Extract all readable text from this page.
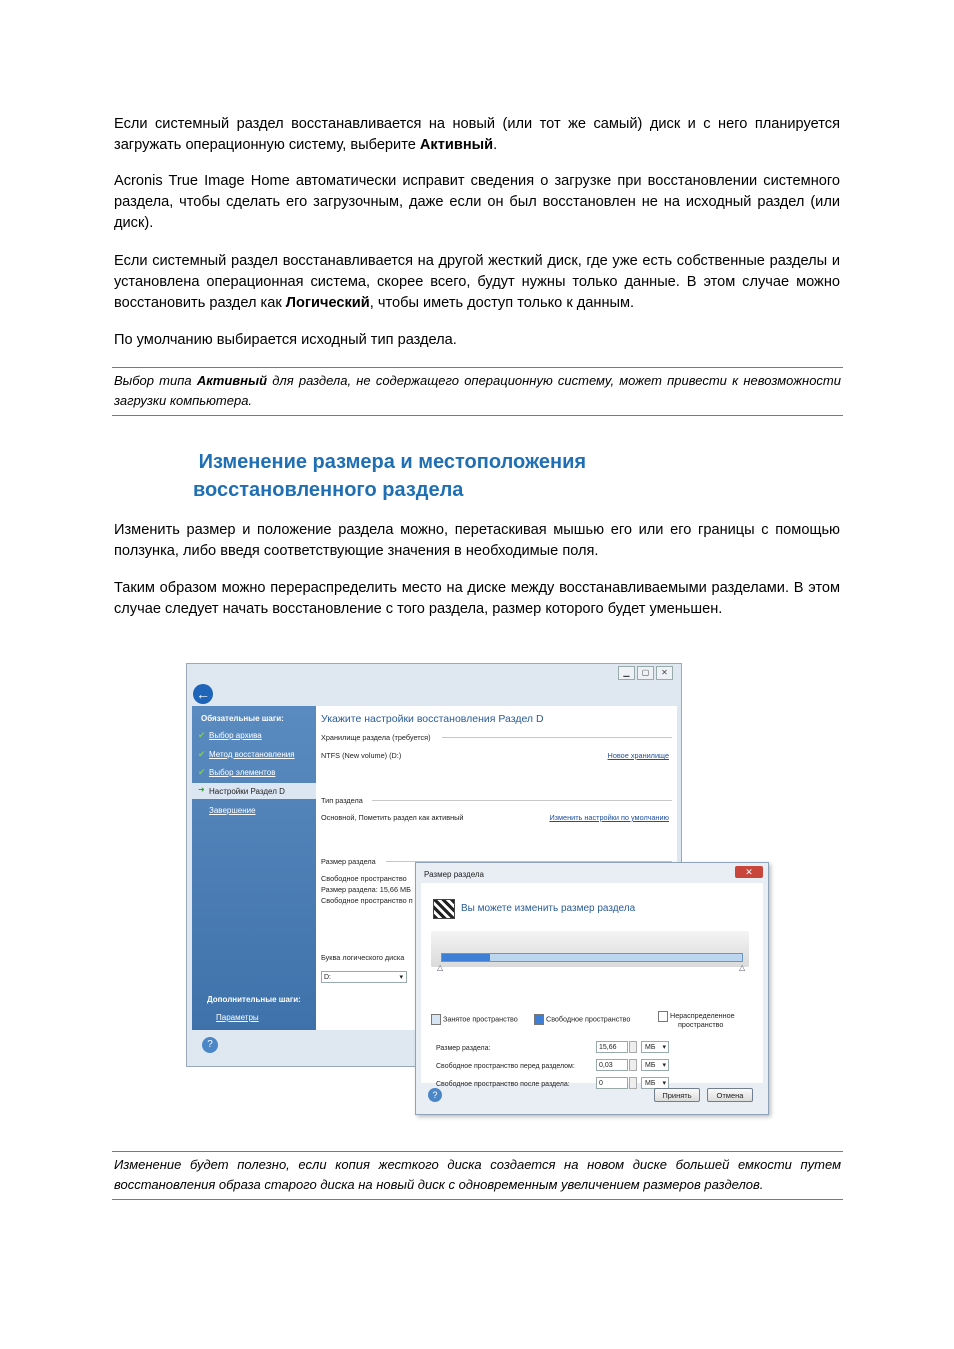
Если системный раздел восстанавливается на новый (или тот же самый) диск и с него планируется загружать операционную систему, выберите Активный.

Acronis True Image Home автоматически исправит сведения о загрузке при восстановлении системного раздела, чтобы сделать его загрузочным, даже если он был восстановлен не на исходный раздел (или диск).

Если системный раздел восстанавливается на другой жесткий диск, где уже есть собственные разделы и установлена операционная система, скорее всего, будут нужны только данные. В этом случае можно восстановить раздел как Логический, чтобы иметь доступ только к данным.

По умолчанию выбирается исходный тип раздела.

Выбор типа Активный для раздела, не содержащего операционную систему, может привести к невозможности загрузки компьютера.
Изменение размера и местоположения
восстановленного раздела

Изменить размер и положение раздела можно, перетаскивая мышью его или его границы с помощью ползунка, либо введя соответствующие значения в необходимые поля.

Таким образом можно перераспределить место на диске между восстанавливаемыми разделами. В этом случае следует начать восстановление с того раздела, размер которого будет уменьшен.

▁	▢	✕
←
Обязательные шаги:
✔ Выбор архива
✔ Метод восстановления
✔ Выбор элементов
➜ Настройки Раздел D
Завершение
Дополнительные шаги:
Параметры
Укажите настройки восстановления Раздел D
Хранилище раздела (требуется)
NTFS (New volume) (D:)	Новое хранилище
Тип раздела
Основной, Пометить раздел как активный	Изменить настройки по умолчанию
Размер раздела
Свободное пространство
Размер раздела: 15,66 МБ
Свободное пространство п
Буква логического диска
D:	▾
?
Размер раздела	✕
Вы можете изменить размер раздела
△	△
Занятое пространство	Свободное пространство	Нераспределенное
пространство
Размер раздела:	15,66	МБ ▾
Свободное пространство перед разделом:	0,03	МБ ▾
Свободное пространство после раздела:	0	МБ ▾
?	Принять	Отмена
Изменение будет полезно, если копия жесткого диска создается на новом диске большей емкости путем восстановления образа старого диска на новый диск с одновременным увеличением размеров разделов.
